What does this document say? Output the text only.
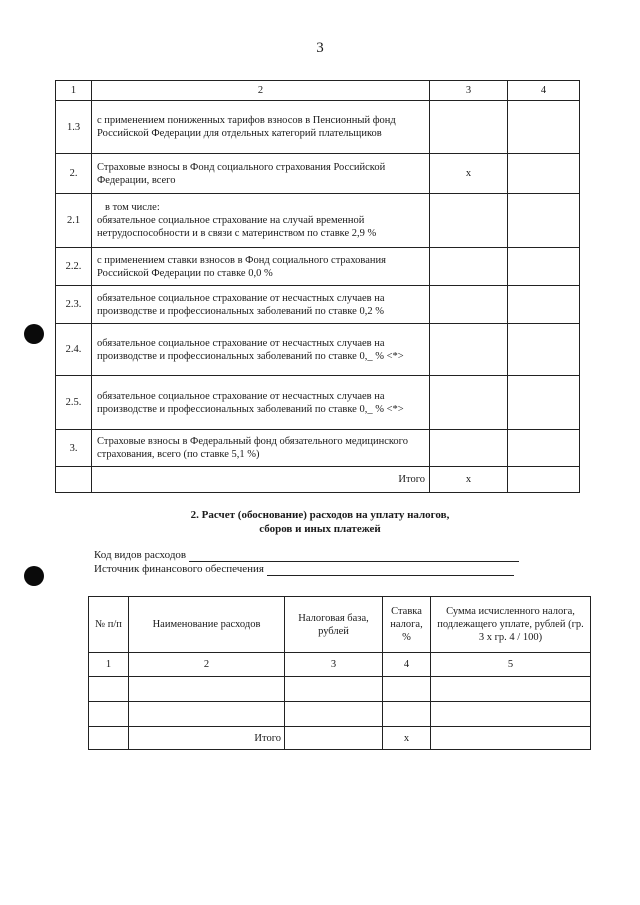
3
1	2	3	4
1.3	с применением пониженных тарифов взносов в Пенсионный фонд Российской Федерации для отдельных категорий плательщиков		
2.	Страховые взносы в Фонд социального страхования Российской Федерации, всего	х	
2.1	в том числе:
обязательное социальное страхование на случай временной нетрудоспособности и в связи с материнством по ставке 2,9 %		

2.2.	с применением ставки взносов в Фонд социального страхования Российской Федерации по ставке 0,0 %		
2.3.	обязательное социальное страхование от несчастных случаев на производстве и профессиональных заболеваний по ставке 0,2 %		
2.4.	обязательное социальное страхование от несчастных случаев на производстве и профессиональных заболеваний по ставке 0,_ % <*>		
2.5.	обязательное социальное страхование от несчастных случаев на производстве и профессиональных заболеваний по ставке 0,_ % <*>		
3.	Страховые взносы в Федеральный фонд обязательного медицинского страхования, всего (по ставке 5,1 %)		
	Итого	х	
2. Расчет (обоснование) расходов на уплату налогов,
сборов и иных платежей
Код видов расходов
Источник финансового обеспечения
№ п/п	Наименование расходов	Налоговая база, рублей	Ставка налога, %	Сумма исчисленного налога, подлежащего уплате, рублей (гр. 3 х гр. 4 / 100)
1	2	3	4	5

	Итого		х	
